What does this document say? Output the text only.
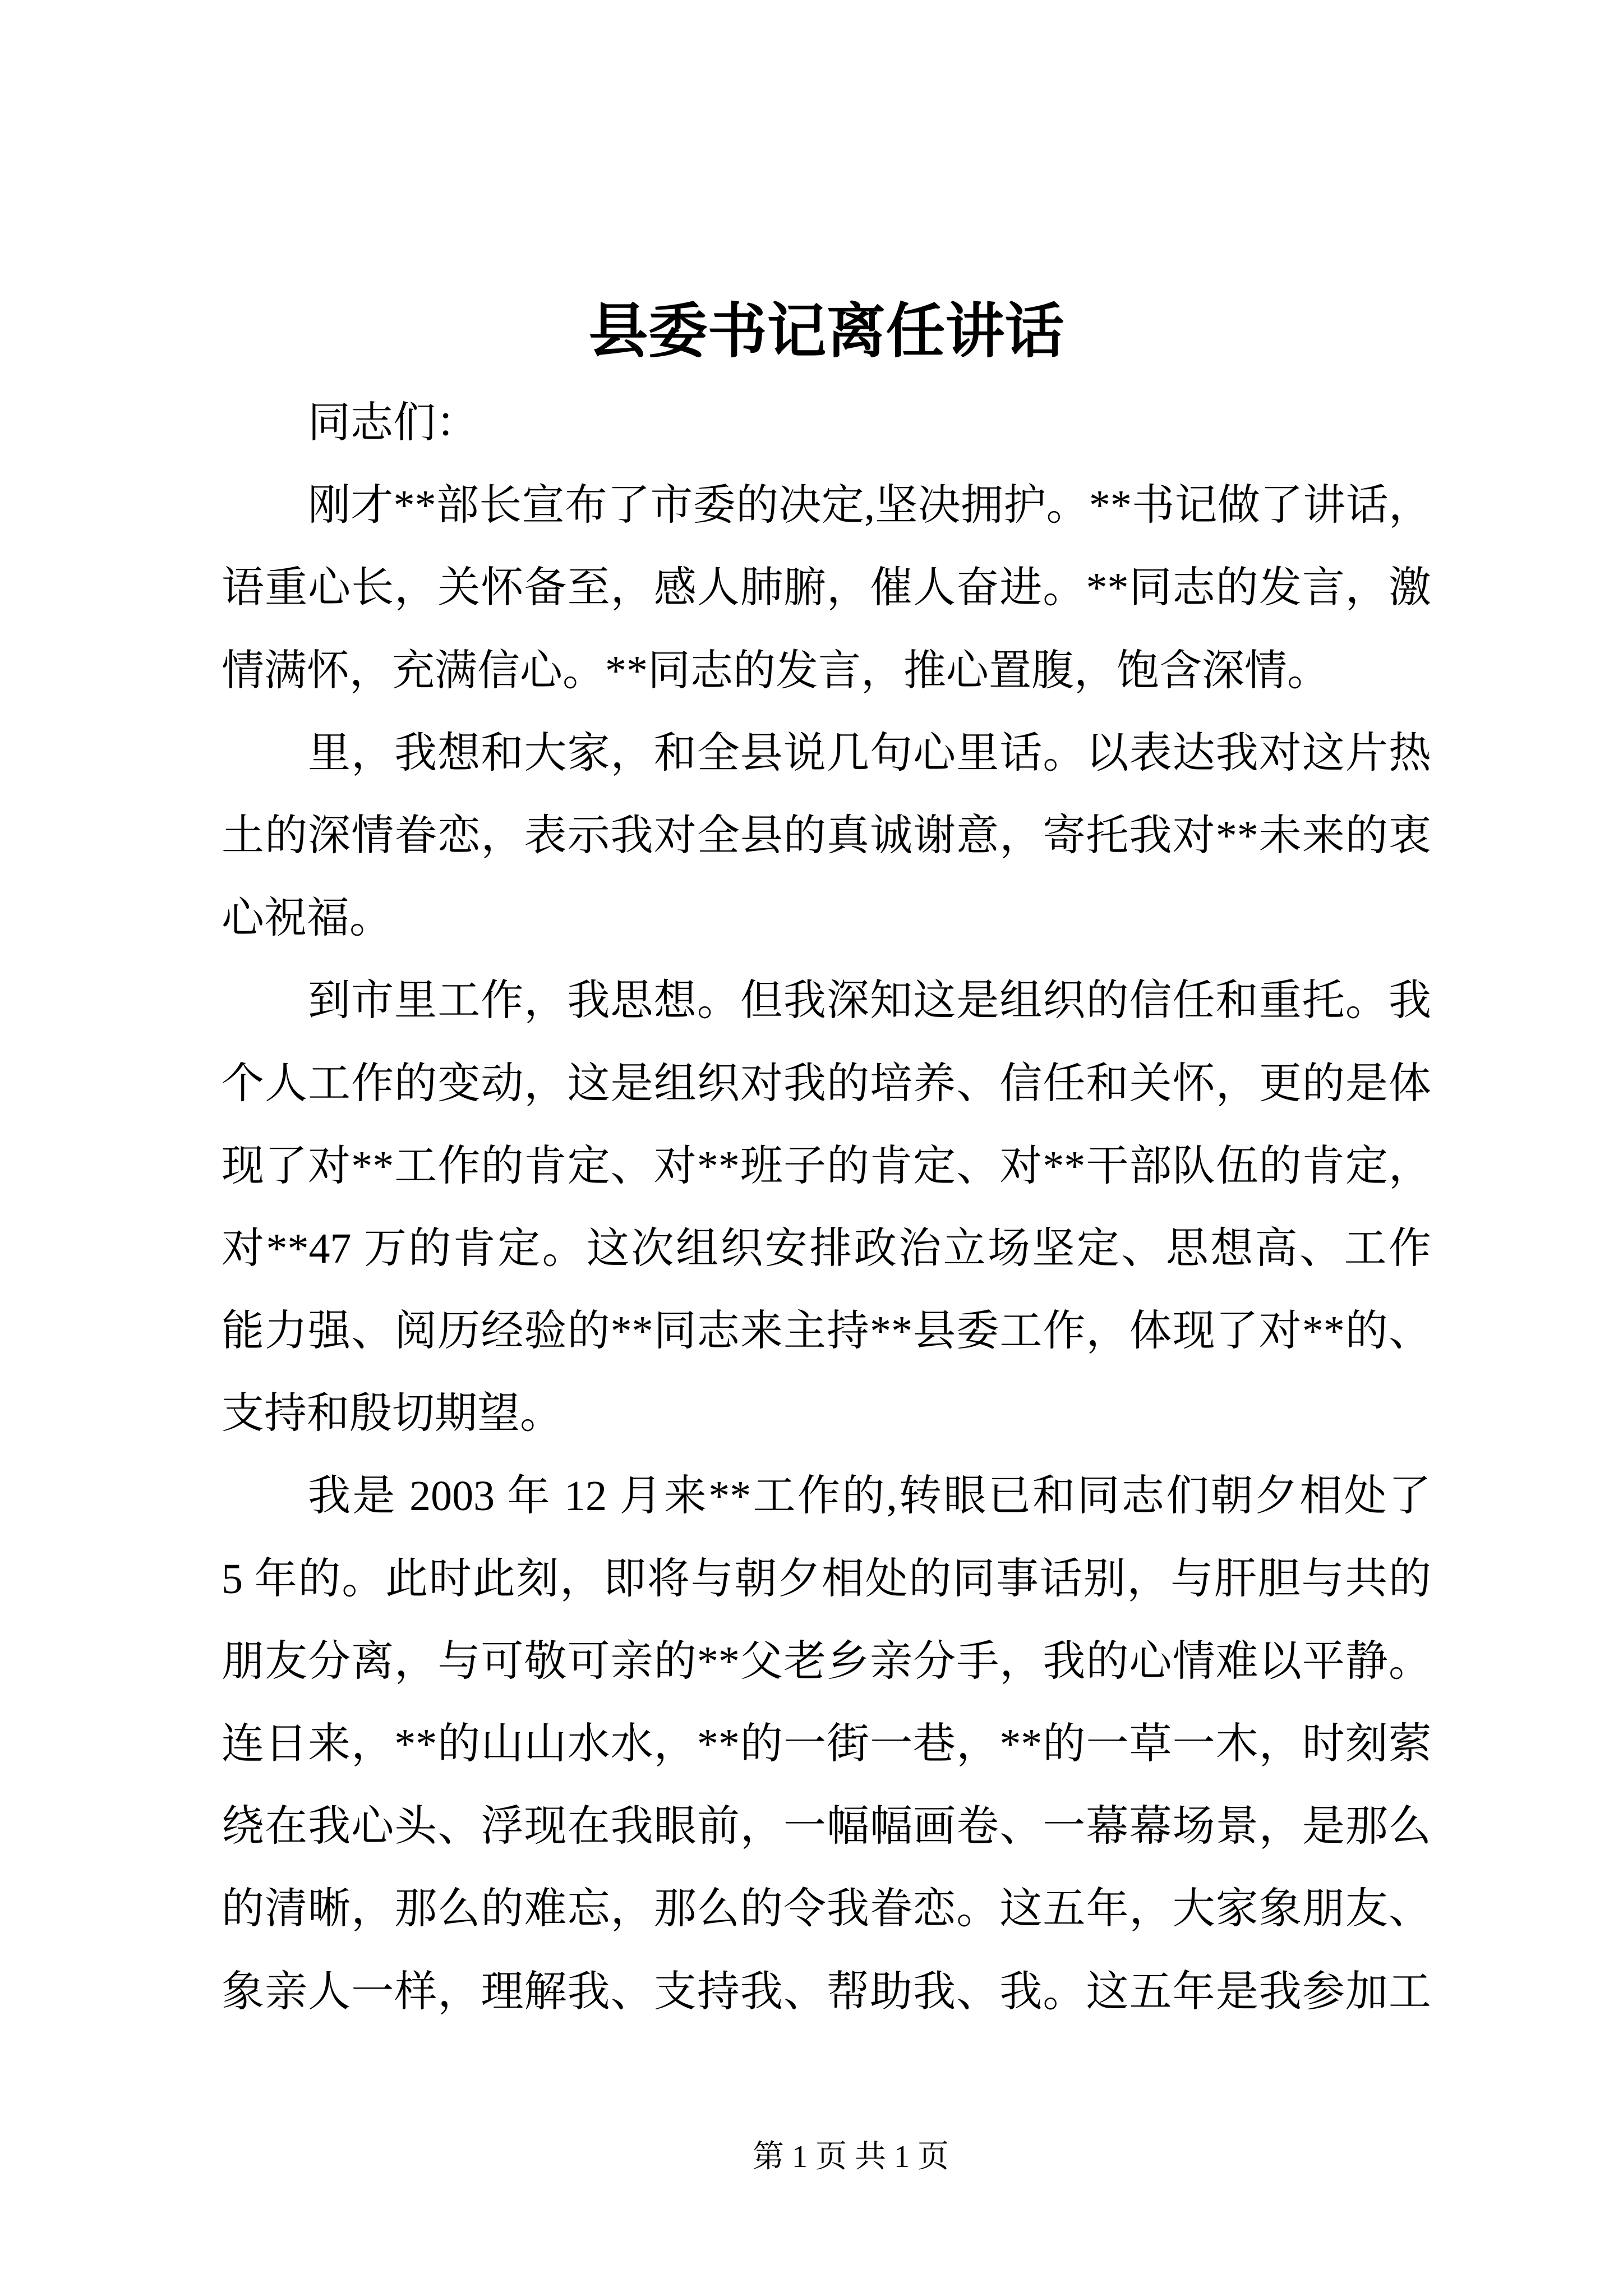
县委书记离任讲话
同志们：
刚才**部长宣布了市委的决定,坚决拥护。**书记做了讲话，
语重心长，关怀备至，感人肺腑，催人奋进。**同志的发言，激
情满怀，充满信心。**同志的发言，推心置腹，饱含深情。
里，我想和大家，和全县说几句心里话。以表达我对这片热
土的深情眷恋，表示我对全县的真诚谢意，寄托我对**未来的衷
心祝福。
到市里工作，我思想。但我深知这是组织的信任和重托。我
个人工作的变动，这是组织对我的培养、信任和关怀，更的是体
现了对**工作的肯定、对**班子的肯定、对**干部队伍的肯定，
对**47 万的肯定。这次组织安排政治立场坚定、思想高、工作
能力强、阅历经验的**同志来主持**县委工作，体现了对**的、
支持和殷切期望。
我是 2003 年 12 月来**工作的,转眼已和同志们朝夕相处了
5 年的。此时此刻，即将与朝夕相处的同事话别，与肝胆与共的
朋友分离，与可敬可亲的**父老乡亲分手，我的心情难以平静。
连日来，**的山山水水，**的一街一巷，**的一草一木，时刻萦
绕在我心头、浮现在我眼前，一幅幅画卷、一幕幕场景，是那么
的清晰，那么的难忘，那么的令我眷恋。这五年，大家象朋友、
象亲人一样，理解我、支持我、帮助我、我。这五年是我参加工
第 1 页 共 1 页
